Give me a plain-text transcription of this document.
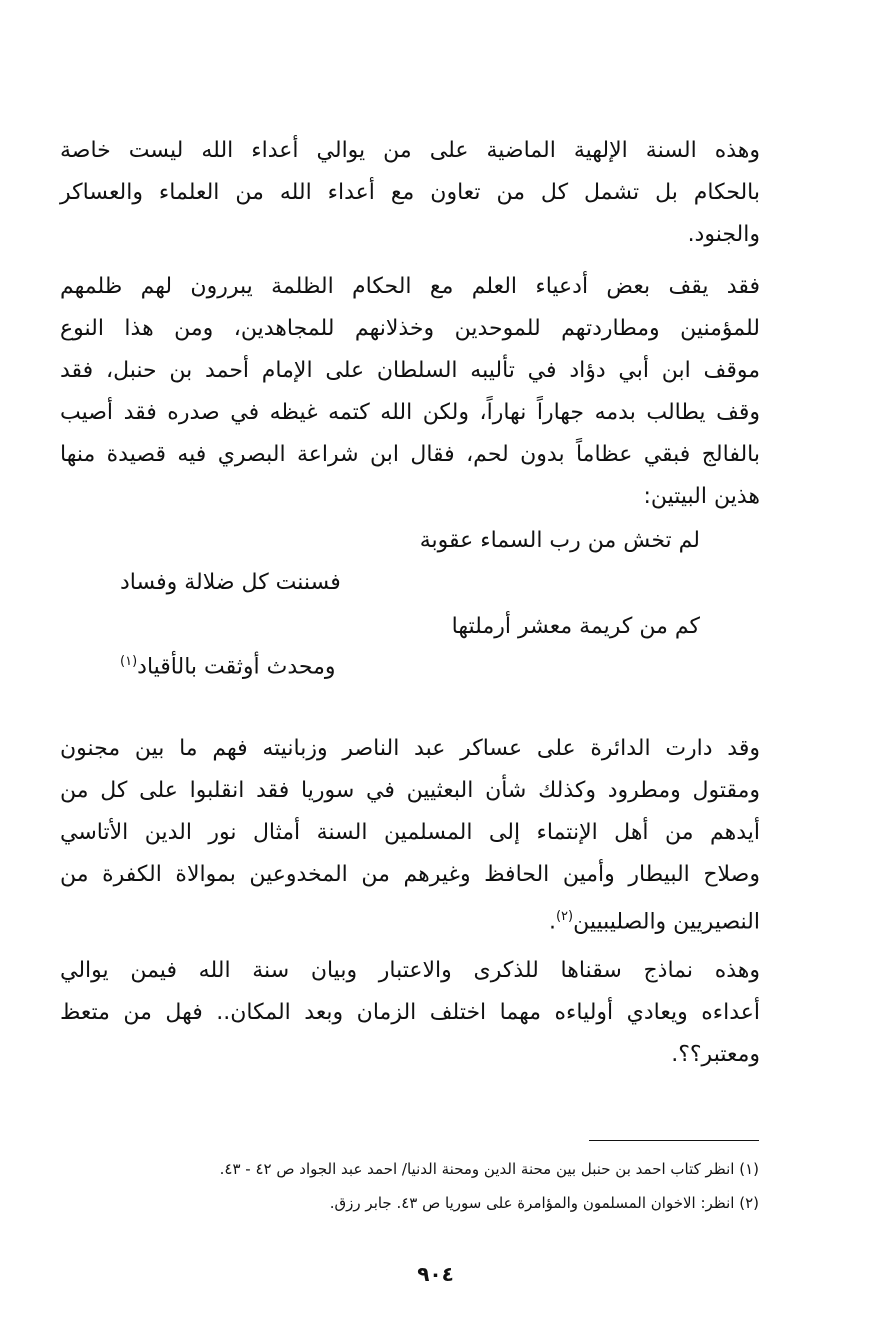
وهذه السنة الإلهية الماضية على من يوالي أعداء الله ليست خاصة
بالحكام بل تشمل كل من تعاون مع أعداء الله من العلماء والعساكر
والجنود.
فقد يقف بعض أدعياء العلم مع الحكام الظلمة يبررون لهم ظلمهم
للمؤمنين ومطاردتهم للموحدين وخذلانهم للمجاهدين، ومن هذا النوع
موقف ابن أبي دؤاد في تأليبه السلطان على الإمام أحمد بن حنبل، فقد
وقف يطالب بدمه جهاراً نهاراً، ولكن الله كتمه غيظه في صدره فقد أصيب
بالفالج فبقي عظاماً بدون لحم، فقال ابن شراعة البصري فيه قصيدة منها
هذين البيتين:
لم تخش من رب السماء عقوبة
فسننت كل ضلالة وفساد
كم من كريمة معشر أرملتها
ومحدث أوثقت بالأقياد$^{(١)}$
وقد دارت الدائرة على عساكر عبد الناصر وزبانيته فهم ما بين مجنون
ومقتول ومطرود وكذلك شأن البعثيين في سوريا فقد انقلبوا على كل من
أيدهم من أهل الإنتماء إلى المسلمين السنة أمثال نور الدين الأتاسي
وصلاح البيطار وأمين الحافظ وغيرهم من المخدوعين بموالاة الكفرة من
النصيريين والصليبيين$^{(٢)}$.
وهذه نماذج سقناها للذكرى والاعتبار وبيان سنة الله فيمن يوالي
أعداءه ويعادي أولياءه مهما اختلف الزمان وبعد المكان.. فهل من متعظ
ومعتبر؟؟.
(١) انظر كتاب احمد بن حنبل بين محنة الدين ومحنة الدنيا/ احمد عبد الجواد ص ٤٢ - ٤٣.
(٢) انظر: الاخوان المسلمون والمؤامرة على سوريا ص ٤٣. جابر رزق.
٩٠٤
